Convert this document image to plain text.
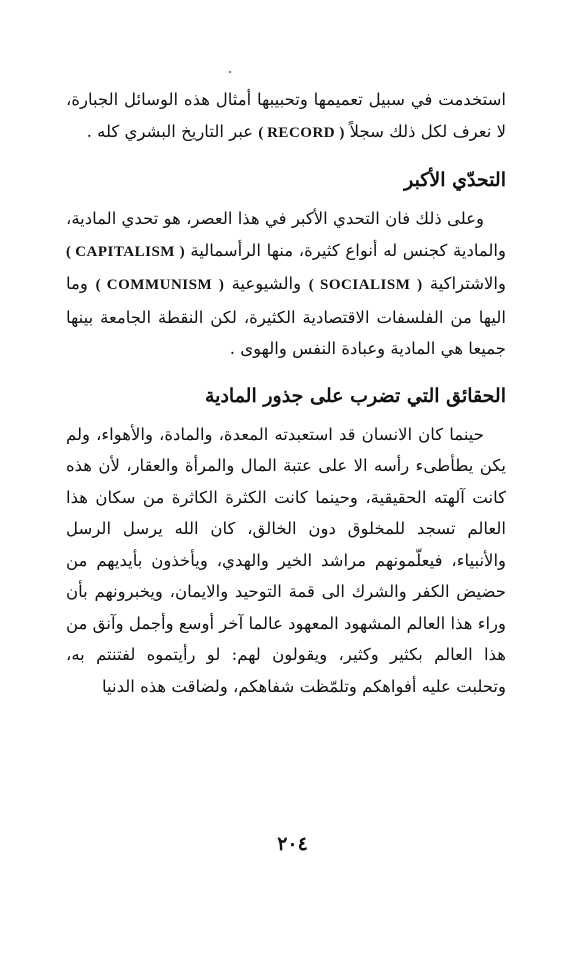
استخدمت في سبيل تعميمها وتحبيبها أمثال هذه الوسائل الجبارة، لا نعرف لكل ذلك سجلاً ( RECORD ) عبر التاريخ البشري كله .

التحدّي الأكبر

وعلى ذلك فان التحدي الأكبر في هذا العصر، هو تحدي المادية، والمادية كجنس له أنواع كثيرة، منها الرأسمالية ( CAPITALISM ) والاشتراكية ( SOCIALISM ) والشيوعية ( COMMUNISM ) وما اليها من الفلسفات الاقتصادية الكثيرة، لكن النقطة الجامعة بينها جميعا هي المادية وعبادة النفس والهوى .

الحقائق التي تضرب على جذور المادية

حينما كان الانسان قد استعبدته المعدة، والمادة، والأهواء، ولم يكن يطأطىء رأسه الا على عتبة المال والمرأة والعقار، لأن هذه كانت آلهته الحقيقية، وحينما كانت الكثرة الكاثرة من سكان هذا العالم تسجد للمخلوق دون الخالق، كان الله يرسل الرسل والأنبياء، فيعلّمونهم مراشد الخير والهدي، ويأخذون بأيديهم من حضيض الكفر والشرك الى قمة التوحيد والايمان، ويخبرونهم بأن وراء هذا العالم المشهود المعهود عالما آخر أوسع وأجمل وآنق من هذا العالم بكثير وكثير، ويقولون لهم: لو رأيتموه لفتنتم به، وتحلبت عليه أفواهكم وتلمّظت شفاهكم، ولضاقت هذه الدنيا

٢٠٤
